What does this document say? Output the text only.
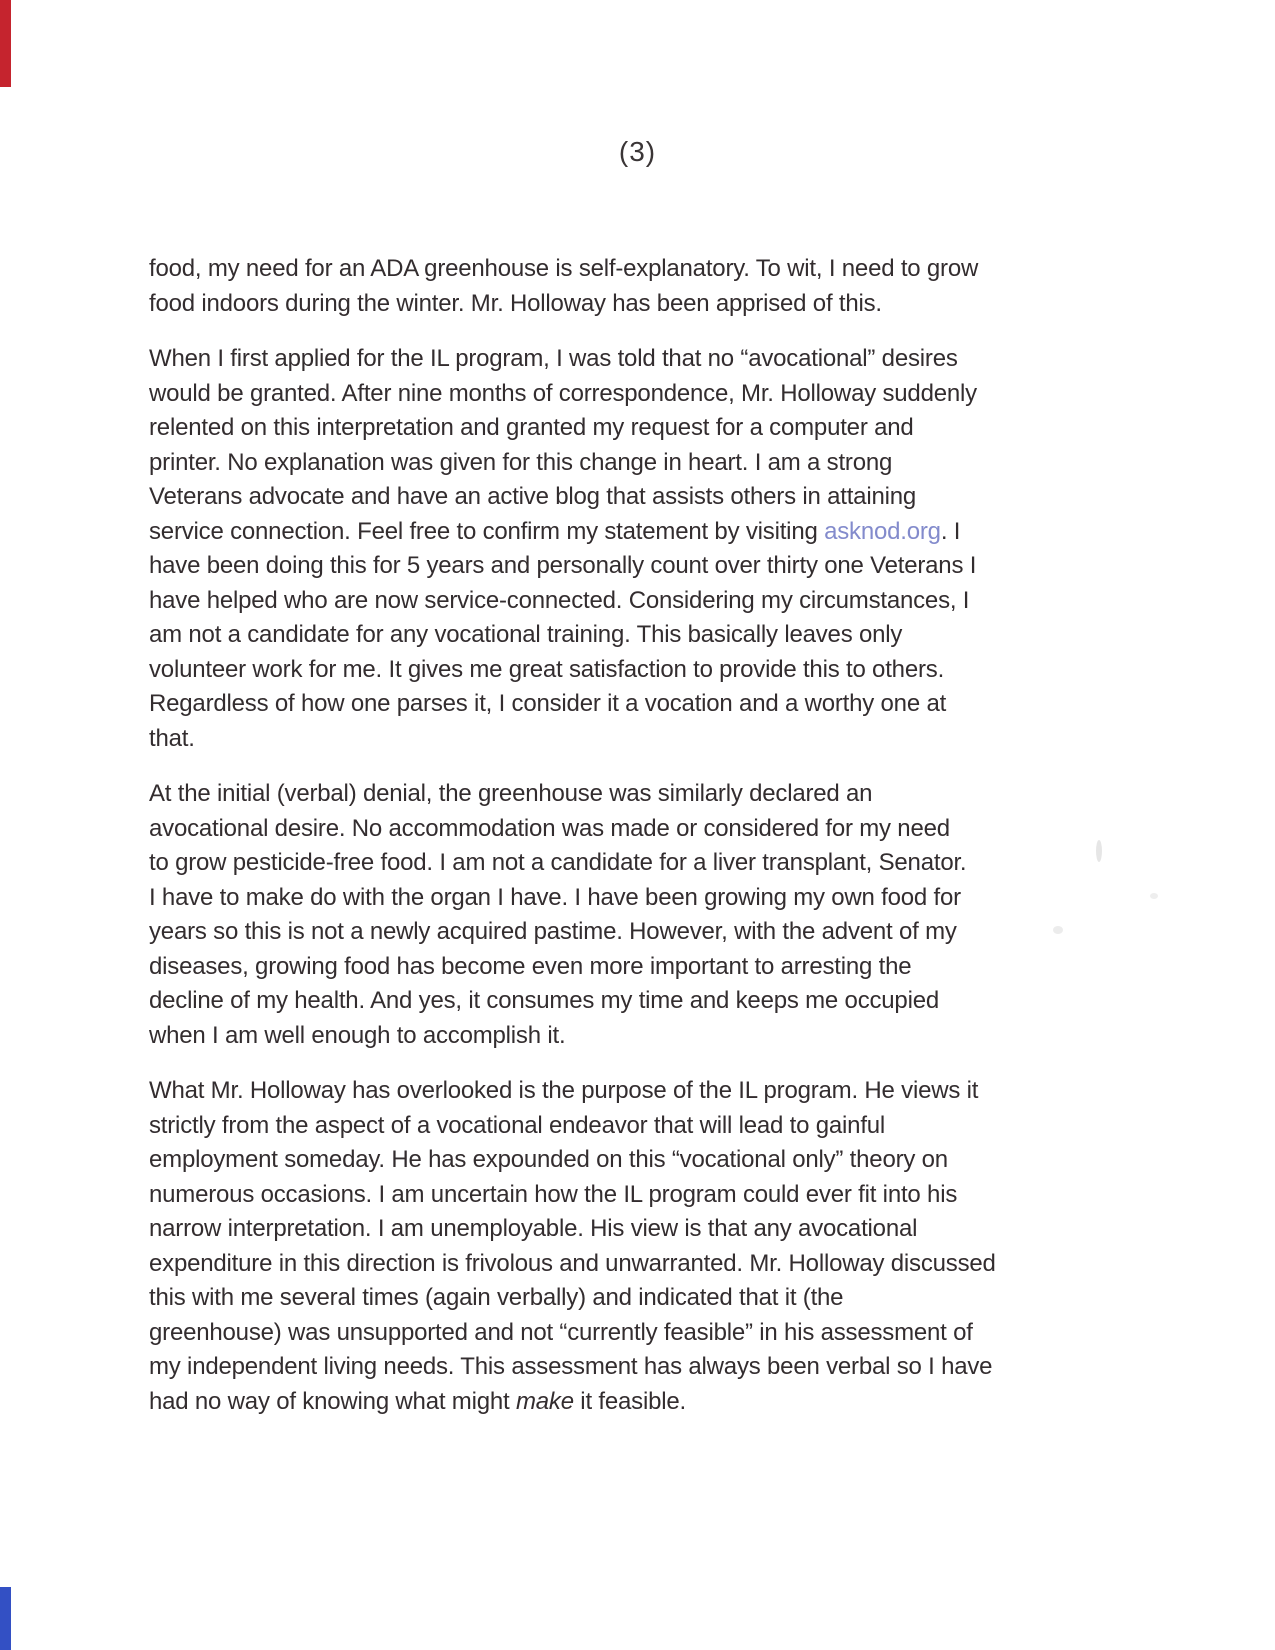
(3)
food, my need for an ADA greenhouse is self-explanatory. To wit, I need to grow
food indoors during the winter. Mr. Holloway has been apprised of this.
When I first applied for the IL program, I was told that no “avocational” desires
would be granted. After nine months of correspondence, Mr. Holloway suddenly
relented on this interpretation and granted my request for a computer and
printer. No explanation was given for this change in heart. I am a strong
Veterans advocate and have an active blog that assists others in attaining
service connection. Feel free to confirm my statement by visiting asknod.org. I
have been doing this for 5 years and personally count over thirty one Veterans I
have helped who are now service-connected. Considering my circumstances, I
am not a candidate for any vocational training. This basically leaves only
volunteer work for me. It gives me great satisfaction to provide this to others.
Regardless of how one parses it, I consider it a vocation and a worthy one at
that.
At the initial (verbal) denial, the greenhouse was similarly declared an
avocational desire. No accommodation was made or considered for my need
to grow pesticide-free food. I am not a candidate for a liver transplant, Senator.
I have to make do with the organ I have. I have been growing my own food for
years so this is not a newly acquired pastime. However, with the advent of my
diseases, growing food has become even more important to arresting the
decline of my health. And yes, it consumes my time and keeps me occupied
when I am well enough to accomplish it.
What Mr. Holloway has overlooked is the purpose of the IL program. He views it
strictly from the aspect of a vocational endeavor that will lead to gainful
employment someday. He has expounded on this “vocational only” theory on
numerous occasions. I am uncertain how the IL program could ever fit into his
narrow interpretation. I am unemployable. His view is that any avocational
expenditure in this direction is frivolous and unwarranted. Mr. Holloway discussed
this with me several times (again verbally) and indicated that it (the
greenhouse) was unsupported and not “currently feasible” in his assessment of
my independent living needs. This assessment has always been verbal so I have
had no way of knowing what might make it feasible.
